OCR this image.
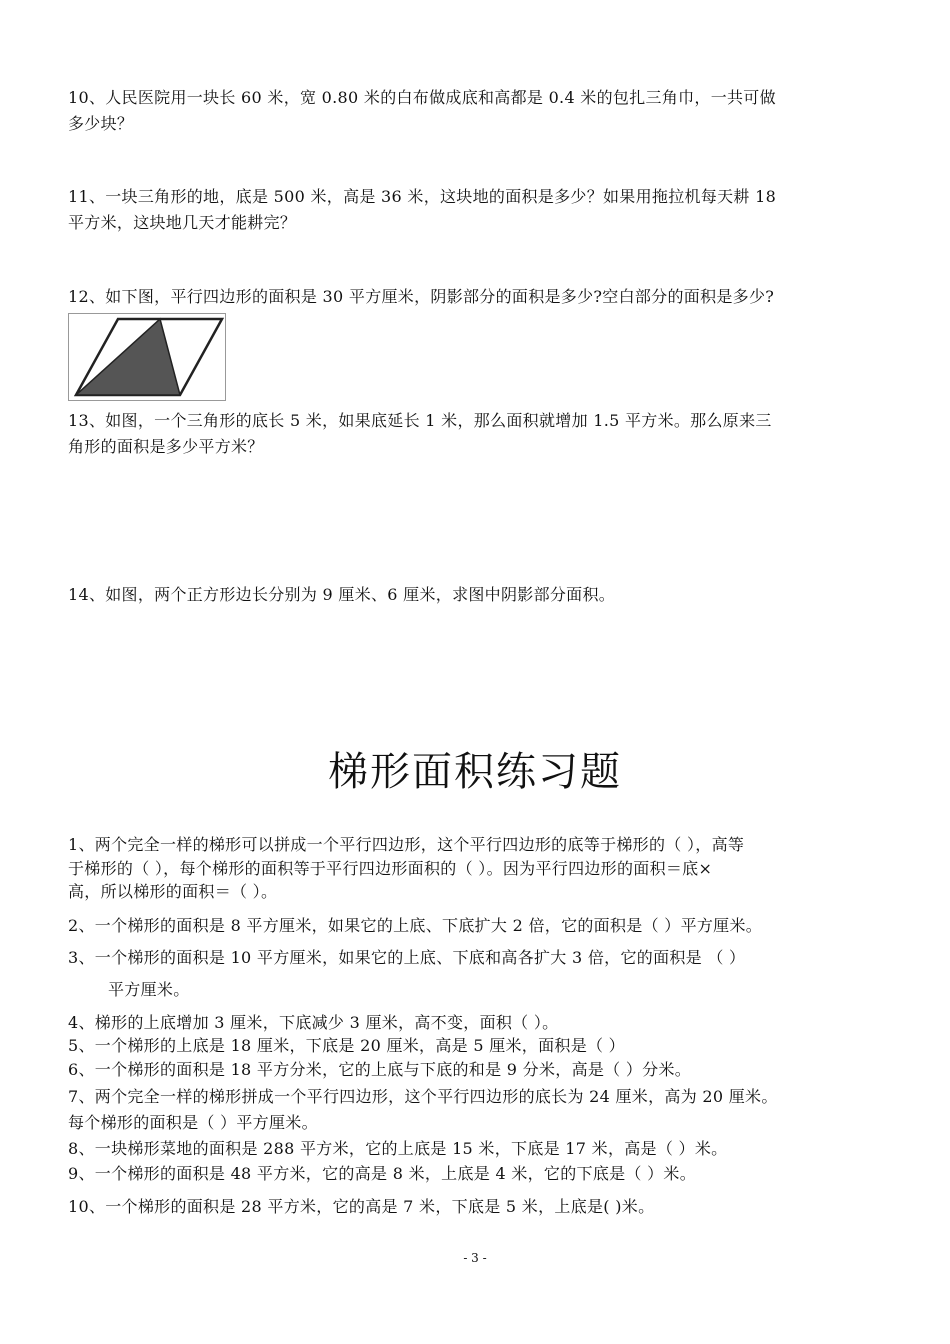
10、人民医院用一块长 60 米，宽 0.80 米的白布做成底和高都是 0.4 米的包扎三角巾，一共可做
多少块？
11、一块三角形的地，底是 500 米，高是 36 米，这块地的面积是多少？如果用拖拉机每天耕 18
平方米，这块地几天才能耕完？
12、如下图，平行四边形的面积是 30 平方厘米，阴影部分的面积是多少?空白部分的面积是多少?
13、如图，一个三角形的底长 5 米，如果底延长 1 米，那么面积就增加 1.5 平方米。那么原来三
角形的面积是多少平方米？
14、如图，两个正方形边长分别为 9 厘米、6 厘米，求图中阴影部分面积。
梯形面积练习题
1、两个完全一样的梯形可以拼成一个平行四边形，这个平行四边形的底等于梯形的（ ），高等
于梯形的（ ），每个梯形的面积等于平行四边形面积的（ ）。因为平行四边形的面积＝底×
高，所以梯形的面积＝（ ）。
2、一个梯形的面积是 8 平方厘米，如果它的上底、下底扩大 2 倍，它的面积是（ ）平方厘米。
3、一个梯形的面积是 10 平方厘米，如果它的上底、下底和高各扩大 3 倍，它的面积是 （ ）
平方厘米。
4、梯形的上底增加 3 厘米，下底减少 3 厘米，高不变，面积（ ）。
5、一个梯形的上底是 18 厘米，下底是 20 厘米，高是 5 厘米，面积是（ ）
6、一个梯形的面积是 18 平方分米，它的上底与下底的和是 9 分米，高是（ ）分米。
7、两个完全一样的梯形拼成一个平行四边形，这个平行四边形的底长为 24 厘米，高为 20 厘米。
每个梯形的面积是（ ）平方厘米。
8、一块梯形菜地的面积是 288 平方米，它的上底是 15 米，下底是 17 米，高是（ ）米。
9、一个梯形的面积是 48 平方米，它的高是 8 米，上底是 4 米，它的下底是（ ）米。
10、一个梯形的面积是 28 平方米，它的高是 7 米，下底是 5 米，上底是( )米。
- 3 -
